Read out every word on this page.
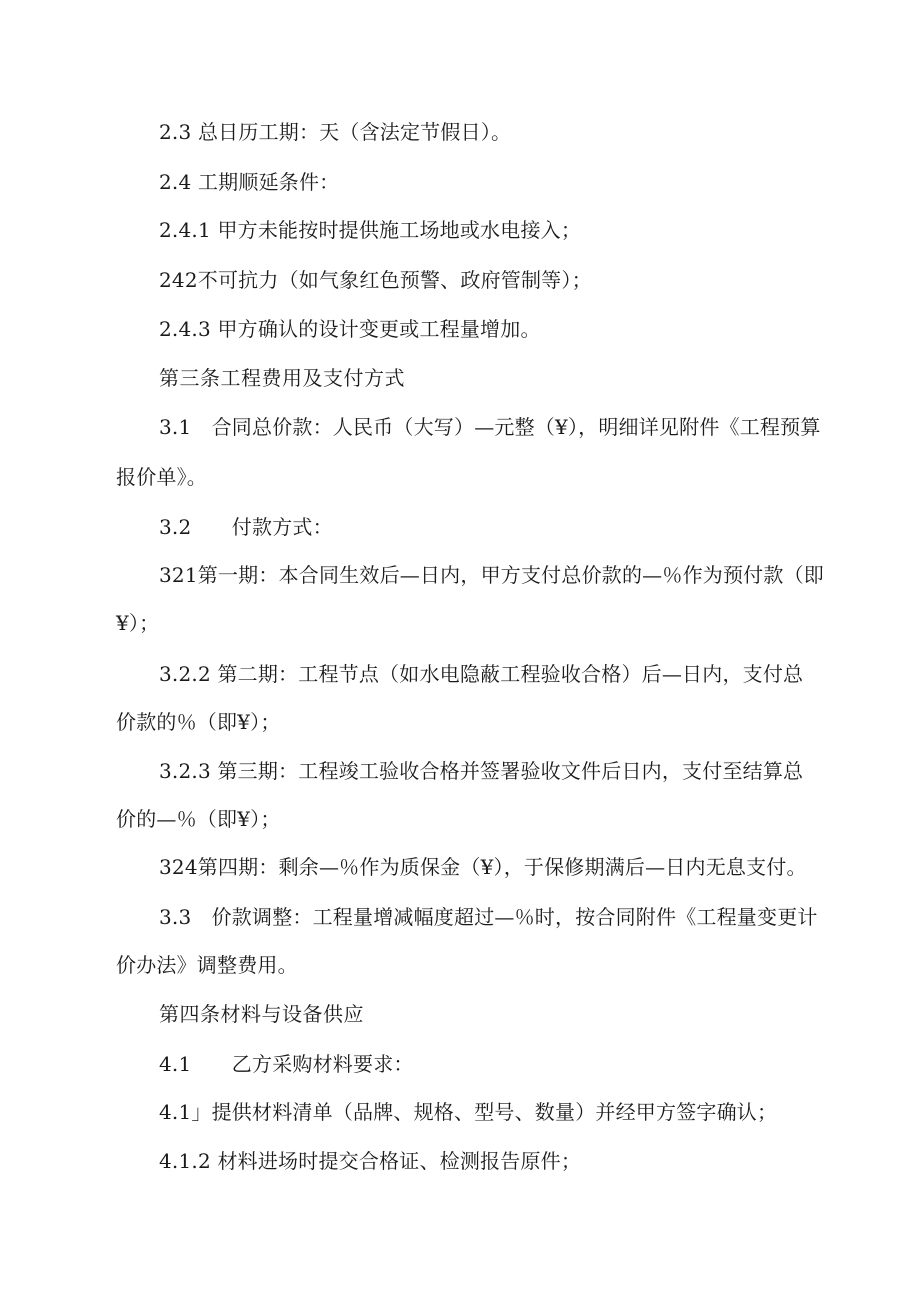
2.3 总日历工期：天（含法定节假日）。
2.4 工期顺延条件：
2.4.1 甲方未能按时提供施工场地或水电接入；
242不可抗力（如气象红色预警、政府管制等）；
2.4.3 甲方确认的设计变更或工程量增加。
第三条工程费用及支付方式
3.1　合同总价款：人民币（大写）—元整（¥），明细详见附件《工程预算
报价单》。
3.2　　付款方式：
321第一期：本合同生效后—日内，甲方支付总价款的—％作为预付款（即
¥）；
3.2.2 第二期：工程节点（如水电隐蔽工程验收合格）后—日内，支付总
价款的％（即¥）；
3.2.3 第三期：工程竣工验收合格并签署验收文件后日内，支付至结算总
价的—％（即¥）；
324第四期：剩余—％作为质保金（¥），于保修期满后—日内无息支付。
3.3　价款调整：工程量增减幅度超过—％时，按合同附件《工程量变更计
价办法》调整费用。
第四条材料与设备供应
4.1　　乙方采购材料要求：
4.1」提供材料清单（品牌、规格、型号、数量）并经甲方签字确认；
4.1.2 材料进场时提交合格证、检测报告原件；
